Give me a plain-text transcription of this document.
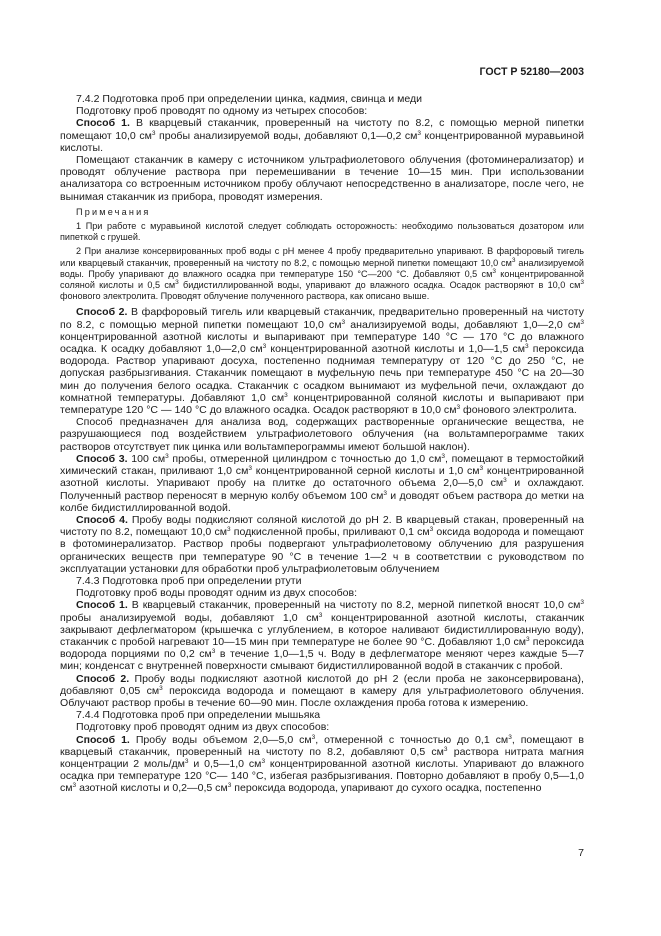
ГОСТ Р 52180—2003

7.4.2 Подготовка проб при определении цинка, кадмия, свинца и меди

Подготовку проб проводят по одному из четырех способов:

Способ 1. В кварцевый стаканчик, проверенный на чистоту по 8.2, с помощью мерной пипетки помещают 10,0 $см^3$ пробы анализируемой воды, добавляют 0,1—0,2 $см^3$ концентрированной муравьиной кислоты.

Помещают стаканчик в камеру с источником ультрафиолетового облучения (фотоминерализатор) и проводят облучение раствора при перемешивании в течение 10—15 мин. При использовании анализатора со встроенным источником пробу облучают непосредственно в анализаторе, после чего, не вынимая стаканчик из прибора, проводят измерения.

Примечания

1 При работе с муравьиной кислотой следует соблюдать осторожность: необходимо пользоваться дозатором или пипеткой с грушей.

2 При анализе консервированных проб воды с pH менее 4 пробу предварительно упаривают. В фарфоровый тигель или кварцевый стаканчик, проверенный на чистоту по 8.2, с помощью мерной пипетки помещают 10,0 $см^3$ анализируемой воды. Пробу упаривают до влажного осадка при температуре 150 °С—200 °С. Добавляют 0,5 $см^3$ концентрированной соляной кислоты и 0,5 $см^3$ бидистиллированной воды, упаривают до влажного осадка. Осадок растворяют в 10,0 $см^3$ фонового электролита. Проводят облучение полученного раствора, как описано выше.

Способ 2. В фарфоровый тигель или кварцевый стаканчик, предварительно проверенный на чистоту по 8.2, с помощью мерной пипетки помещают 10,0 $см^3$ анализируемой воды, добавляют 1,0—2,0 $см^3$ концентрированной азотной кислоты и выпаривают при температуре 140 °С — 170 °С до влажного осадка. К осадку добавляют 1,0—2,0 $см^3$ концентрированной азотной кислоты и 1,0—1,5 $см^3$ пероксида водорода. Раствор упаривают досуха, постепенно поднимая температуру от 120 °С до 250 °С, не допуская разбрызгивания. Стаканчик помещают в муфельную печь при температуре 450 °С на 20—30 мин до получения белого осадка. Стаканчик с осадком вынимают из муфельной печи, охлаждают до комнатной температуры. Добавляют 1,0 $см^3$ концентрированной соляной кислоты и выпаривают при температуре 120 °С — 140 °С до влажного осадка. Осадок растворяют в 10,0 $см^3$ фонового электролита.

Способ предназначен для анализа вод, содержащих растворенные органические вещества, не разрушающиеся под воздействием ультрафиолетового облучения (на вольтамперограмме таких растворов отсутствует пик цинка или вольтамперограммы имеют большой наклон).

Способ 3. 100 $см^3$ пробы, отмеренной цилиндром с точностью до 1,0 $см^3$, помещают в термостойкий химический стакан, приливают 1,0 $см^3$ концентрированной серной кислоты и 1,0 $см^3$ концентрированной азотной кислоты. Упаривают пробу на плитке до остаточного объема 2,0—5,0 $см^3$ и охлаждают. Полученный раствор переносят в мерную колбу объемом 100 $см^3$ и доводят объем раствора до метки на колбе бидистиллированной водой.

Способ 4. Пробу воды подкисляют соляной кислотой до pH 2. В кварцевый стакан, проверенный на чистоту по 8.2, помещают 10,0 $см^3$ подкисленной пробы, приливают 0,1 $см^3$ оксида водорода и помещают в фотоминерализатор. Раствор пробы подвергают ультрафиолетовому облучению для разрушения органических веществ при температуре 90 °С в течение 1—2 ч в соответствии с руководством по эксплуатации установки для обработки проб ультрафиолетовым облучением

7.4.3 Подготовка проб при определении ртути

Подготовку проб воды проводят одним из двух способов:

Способ 1. В кварцевый стаканчик, проверенный на чистоту по 8.2, мерной пипеткой вносят 10,0 $см^3$ пробы анализируемой воды, добавляют 1,0 $см^3$ концентрированной азотной кислоты, стаканчик закрывают дефлегматором (крышечка с углублением, в которое наливают бидистиллированную воду), стаканчик с пробой нагревают 10—15 мин при температуре не более 90 °С. Добавляют 1,0 $см^3$ пероксида водорода порциями по 0,2 $см^3$ в течение 1,0—1,5 ч. Воду в дефлегматоре меняют через каждые 5—7 мин; конденсат с внутренней поверхности смывают бидистиллированной водой в стаканчик с пробой.

Способ 2. Пробу воды подкисляют азотной кислотой до pH 2 (если проба не законсервирована), добавляют 0,05 $см^3$ пероксида водорода и помещают в камеру для ультрафиолетового облучения. Облучают раствор пробы в течение 60—90 мин. После охлаждения проба готова к измерению.

7.4.4 Подготовка проб при определении мышьяка

Подготовку проб проводят одним из двух способов:

Способ 1. Пробу воды объемом 2,0—5,0 $см^3$, отмеренной с точностью до 0,1 $см^3$, помещают в кварцевый стаканчик, проверенный на чистоту по 8.2, добавляют 0,5 $см^3$ раствора нитрата магния концентрации 2 моль/$дм^3$ и 0,5—1,0 $см^3$ концентрированной азотной кислоты. Упаривают до влажного осадка при температуре 120 °С— 140 °С, избегая разбрызгивания. Повторно добавляют в пробу 0,5—1,0 $см^3$ азотной кислоты и 0,2—0,5 $см^3$ пероксида водорода, упаривают до сухого осадка, постепенно

7
